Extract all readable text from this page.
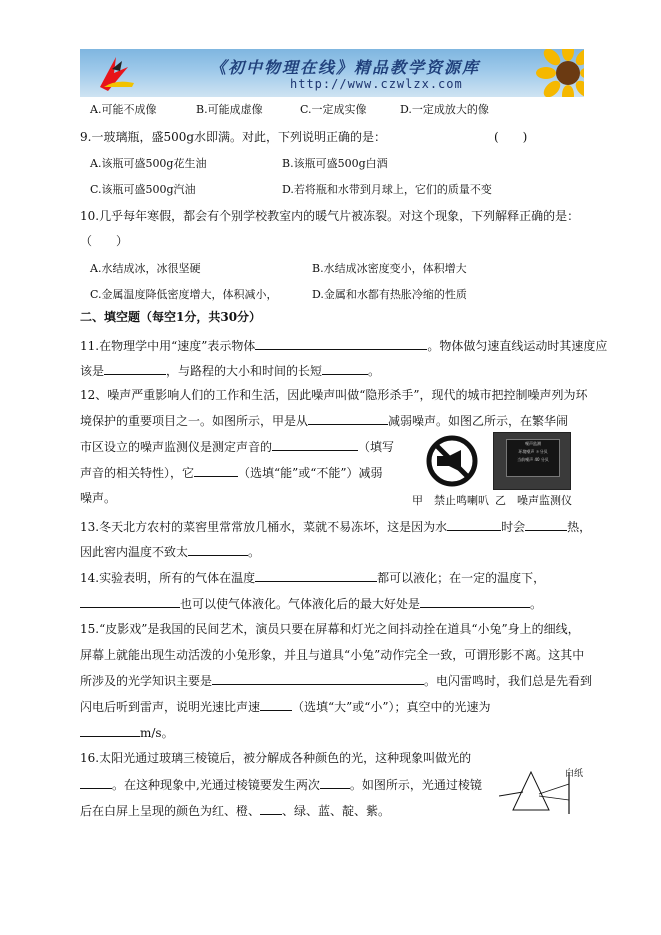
《初中物理在线》精品教学资源库
http://www.czwlzx.com
A.可能不成像	B.可能成虚像	C.一定成实像	D.一定成放大的像
9.一玻璃瓶，盛500g水即满。对此，下列说明正确的是：	(　　)
A.该瓶可盛500g花生油	B.该瓶可盛500g白酒
C.该瓶可盛500g汽油	D.若将瓶和水带到月球上，它们的质量不变
10.几乎每年寒假，都会有个别学校教室内的暖气片被冻裂。对这个现象，下列解释正确的是：
（　　）
A.水结成冰，冰很坚硬	B.水结成冰密度变小，体积增大
C.金属温度降低密度增大，体积减小，	D.金属和水都有热胀冷缩的性质
二、填空题（每空1分，共30分）
11.在物理学中用“速度”表示物体	。物体做匀速直线运动时其速度应
该是	，与路程的大小和时间的长短	。
12、噪声严重影响人们的工作和生活，因此噪声叫做“隐形杀手”，现代的城市把控制噪声列为环
境保护的重要项目之一。如图所示，甲是从	减弱噪声。如图乙所示，在繁华闹
市区设立的噪声监测仪是测定声音的	（填写
声音的相关特性），它	（选填“能”或“不能”）减弱
噪声。
噪声监测
环境噪声 ＊分贝
当前噪声 40 分贝
甲　禁止鸣喇叭 乙　噪声监测仪
13.冬天北方农村的菜窖里常常放几桶水，菜就不易冻坏，这是因为水	时会	热，
因此窖内温度不致太	。
14.实验表明，所有的气体在温度	都可以液化；在一定的温度下，
也可以使气体液化。气体液化后的最大好处是	。
15.“皮影戏”是我国的民间艺术，演员只要在屏幕和灯光之间抖动拴在道具“小兔”身上的细线，
屏幕上就能出现生动活泼的小兔形象，并且与道具“小兔”动作完全一致，可谓形影不离。这其中
所涉及的光学知识主要是	。电闪雷鸣时，我们总是先看到
闪电后听到雷声，说明光速比声速	（选填“大”或“小”）；真空中的光速为
m/s。
16.太阳光通过玻璃三棱镜后，被分解成各种颜色的光，这种现象叫做光的
。在这种现象中,光通过棱镜要发生两次	。如图所示，光通过棱镜
后在白屏上呈现的颜色为红、橙、 、绿、蓝、靛、紫。
白纸
